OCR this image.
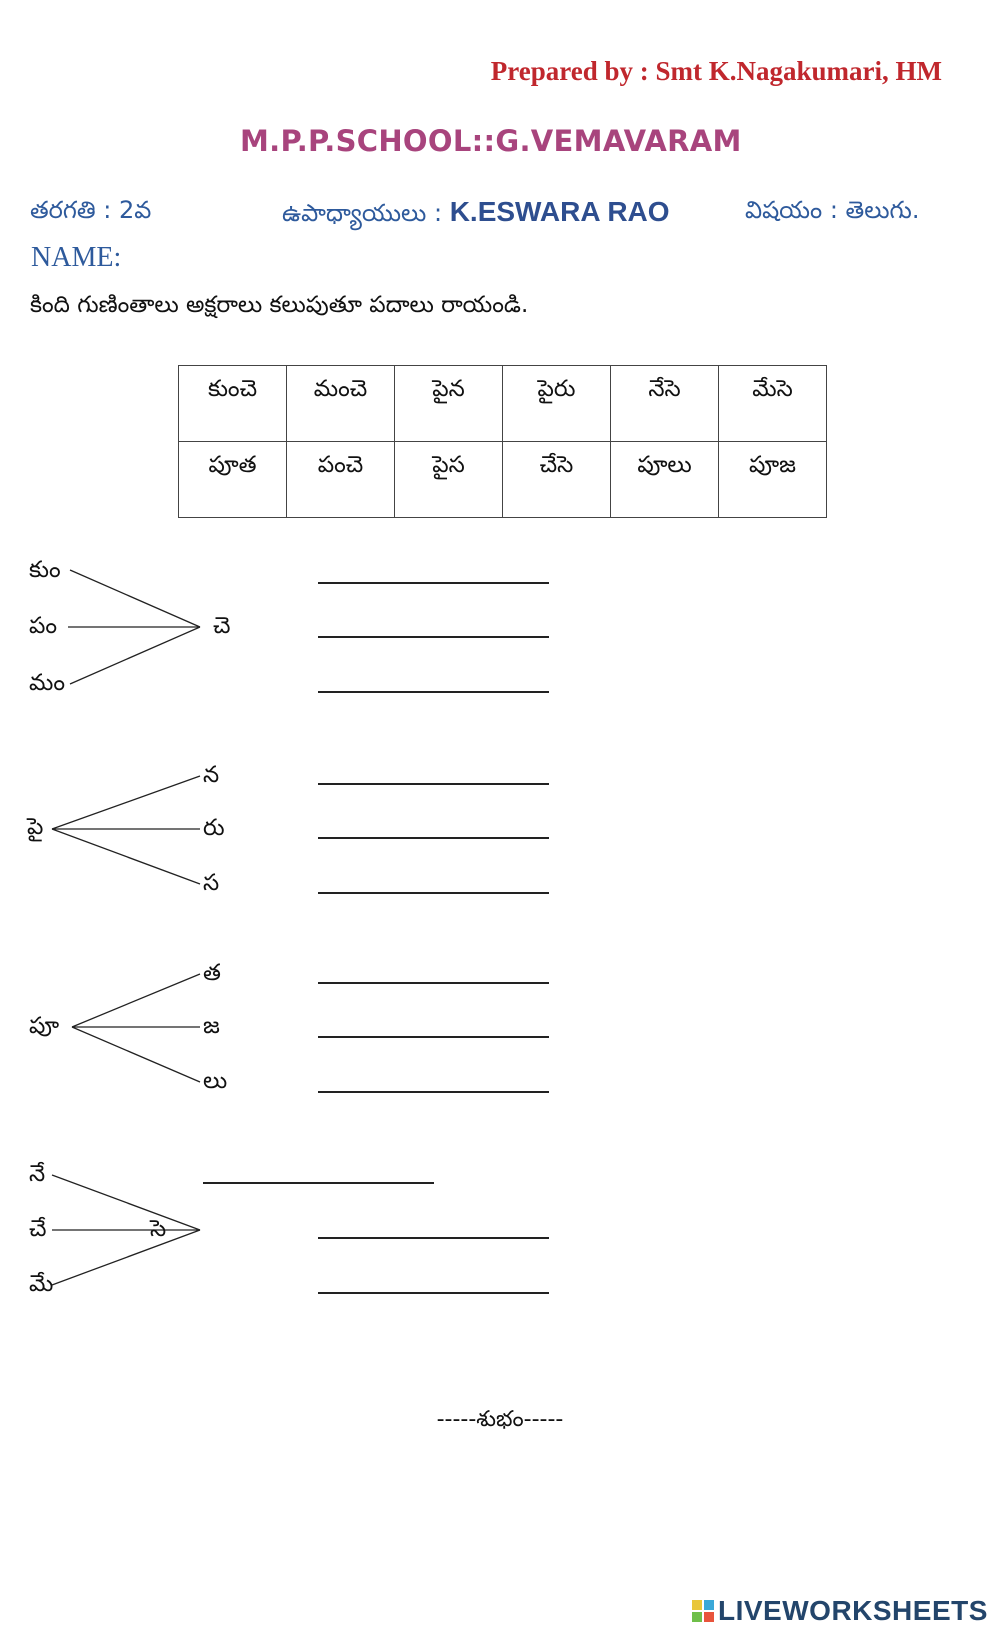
Prepared by : Smt K.Nagakumari, HM
M.P.P.SCHOOL::G.VEMAVARAM
తరగతి : 2వ	ఉపాధ్యాయులు : K.ESWARA RAO	విషయం : తెలుగు.
NAME:
కింది గుణింతాలు అక్షరాలు కలుపుతూ పదాలు రాయండి.
కుంచె	మంచె	పైన	పైరు	నేసె	మేసె
పూత	పంచె	పైస	చేసె	పూలు	పూజ
కుం
పం
మం
చె
పై
న
రు
స
పూ
త
జ
లు
నే
చే
మే
సె
-----శుభం-----
LIVEWORKSHEETS
